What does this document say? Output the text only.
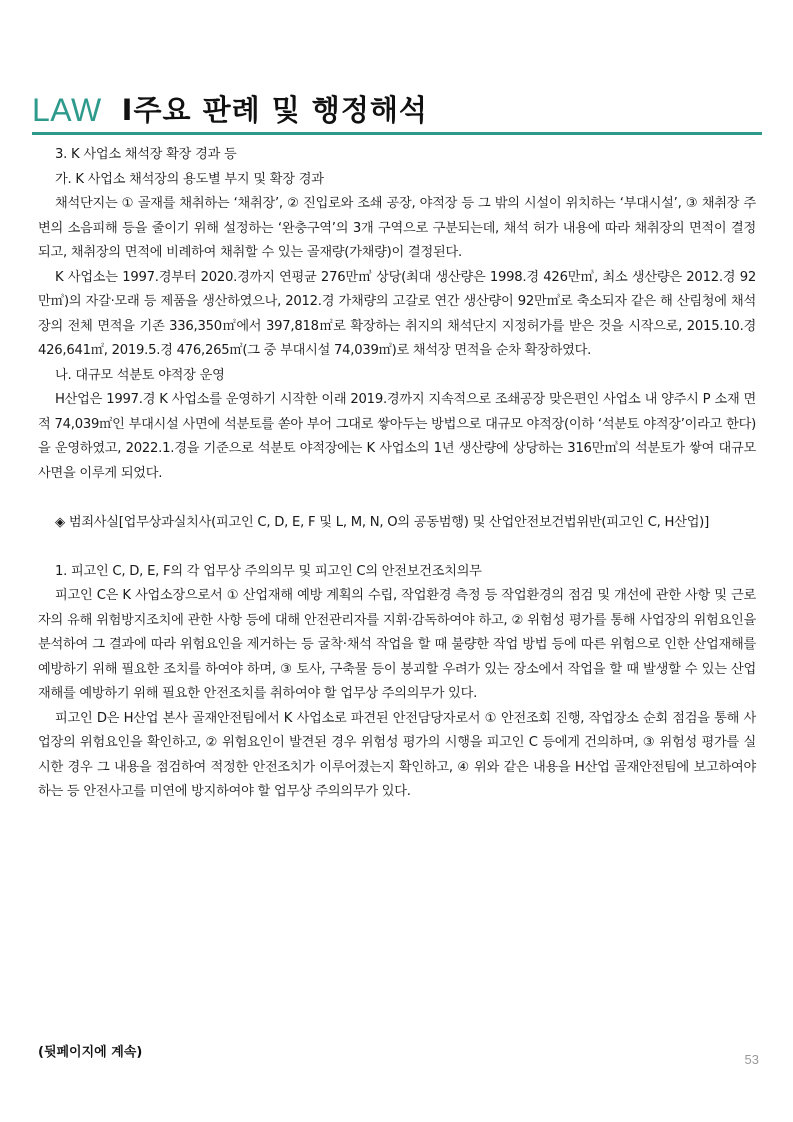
LAW Ⅰ주요 판례 및 행정해석

3. K 사업소 채석장 확장 경과 등

가. K 사업소 채석장의 용도별 부지 및 확장 경과

채석단지는 ① 골재를 채취하는 ‘채취장’, ② 진입로와 조쇄 공장, 야적장 등 그 밖의 시설이 위치하는 ‘부대시설’, ③ 채취장 주변의 소음피해 등을 줄이기 위해 설정하는 ‘완충구역’의 3개 구역으로 구분되는데, 채석 허가 내용에 따라 채취장의 면적이 결정되고, 채취장의 면적에 비례하여 채취할 수 있는 골재량(가채량)이 결정된다.

K 사업소는 1997.경부터 2020.경까지 연평균 276만㎥ 상당(최대 생산량은 1998.경 426만㎥, 최소 생산량은 2012.경 92만㎥)의 자갈·모래 등 제품을 생산하였으나, 2012.경 가채량의 고갈로 연간 생산량이 92만㎥로 축소되자 같은 해 산림청에 채석장의 전체 면적을 기존 336,350㎡에서 397,818㎡로 확장하는 취지의 채석단지 지정허가를 받은 것을 시작으로, 2015.10.경 426,641㎡, 2019.5.경 476,265㎡(그 중 부대시설 74,039㎡)로 채석장 면적을 순차 확장하였다.

나. 대규모 석분토 야적장 운영

H산업은 1997.경 K 사업소를 운영하기 시작한 이래 2019.경까지 지속적으로 조쇄공장 맞은편인 사업소 내 양주시 P 소재 면적 74,039㎡인 부대시설 사면에 석분토를 쏟아 부어 그대로 쌓아두는 방법으로 대규모 야적장(이하 ‘석분토 야적장’이라고 한다)을 운영하였고, 2022.1.경을 기준으로 석분토 야적장에는 K 사업소의 1년 생산량에 상당하는 316만㎥의 석분토가 쌓여 대규모 사면을 이루게 되었다.

◈ 범죄사실[업무상과실치사(피고인 C, D, E, F 및 L, M, N, O의 공동범행) 및 산업안전보건법위반(피고인 C, H산업)]

1. 피고인 C, D, E, F의 각 업무상 주의의무 및 피고인 C의 안전보건조치의무

피고인 C은 K 사업소장으로서 ① 산업재해 예방 계획의 수립, 작업환경 측정 등 작업환경의 점검 및 개선에 관한 사항 및 근로자의 유해 위험방지조치에 관한 사항 등에 대해 안전관리자를 지휘·감독하여야 하고, ② 위험성 평가를 통해 사업장의 위험요인을 분석하여 그 결과에 따라 위험요인을 제거하는 등 굴착·채석 작업을 할 때 불량한 작업 방법 등에 따른 위험으로 인한 산업재해를 예방하기 위해 필요한 조치를 하여야 하며, ③ 토사, 구축물 등이 붕괴할 우려가 있는 장소에서 작업을 할 때 발생할 수 있는 산업재해를 예방하기 위해 필요한 안전조치를 취하여야 할 업무상 주의의무가 있다.

피고인 D은 H산업 본사 골재안전팀에서 K 사업소로 파견된 안전담당자로서 ① 안전조회 진행, 작업장소 순회 점검을 통해 사업장의 위험요인을 확인하고, ② 위험요인이 발견된 경우 위험성 평가의 시행을 피고인 C 등에게 건의하며, ③ 위험성 평가를 실시한 경우 그 내용을 점검하여 적정한 안전조치가 이루어졌는지 확인하고, ④ 위와 같은 내용을 H산업 골재안전팀에 보고하여야 하는 등 안전사고를 미연에 방지하여야 할 업무상 주의의무가 있다.

(뒷페이지에 계속)	53
